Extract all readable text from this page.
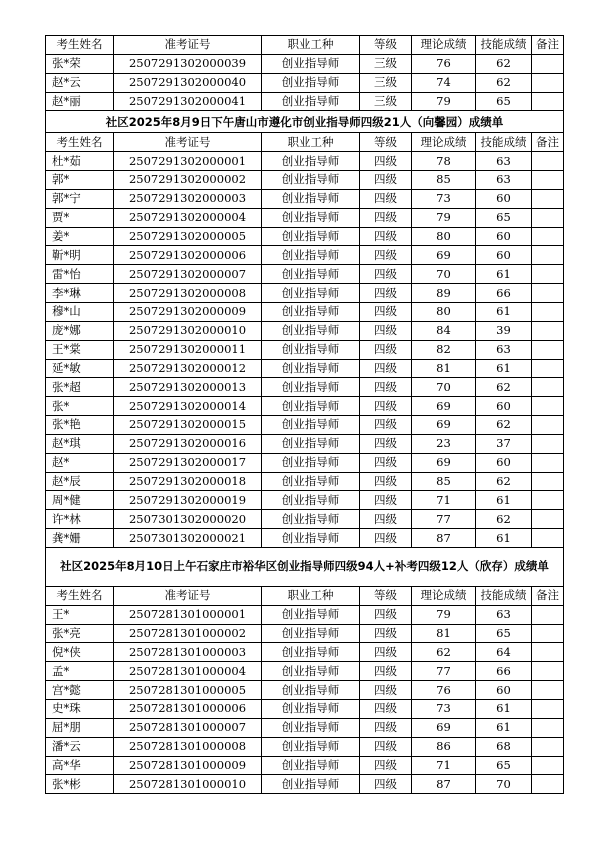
考生姓名	准考证号	职业工种	等级	理论成绩	技能成绩	备注
张*荣	2507291302000039	创业指导师	三级	76	62	
赵*云	2507291302000040	创业指导师	三级	74	62	
赵*丽	2507291302000041	创业指导师	三级	79	65	
社区2025年8月9日下午唐山市遵化市创业指导师四级21人（向馨园）成绩单						
考生姓名	准考证号	职业工种	等级	理论成绩	技能成绩	备注
杜*茹	2507291302000001	创业指导师	四级	78	63	
郭*	2507291302000002	创业指导师	四级	85	63	
郭*宁	2507291302000003	创业指导师	四级	73	60	
贾*	2507291302000004	创业指导师	四级	79	65	
姜*	2507291302000005	创业指导师	四级	80	60	
靳*明	2507291302000006	创业指导师	四级	69	60	
雷*怡	2507291302000007	创业指导师	四级	70	61	
李*琳	2507291302000008	创业指导师	四级	89	66	
穆*山	2507291302000009	创业指导师	四级	80	61	
庞*娜	2507291302000010	创业指导师	四级	84	39	
王*棠	2507291302000011	创业指导师	四级	82	63	
延*敏	2507291302000012	创业指导师	四级	81	61	
张*超	2507291302000013	创业指导师	四级	70	62	
张*	2507291302000014	创业指导师	四级	69	60	
张*艳	2507291302000015	创业指导师	四级	69	62	
赵*琪	2507291302000016	创业指导师	四级	23	37	
赵*	2507291302000017	创业指导师	四级	69	60	
赵*辰	2507291302000018	创业指导师	四级	85	62	
周*健	2507291302000019	创业指导师	四级	71	61	
许*林	2507301302000020	创业指导师	四级	77	62	
龚*姗	2507301302000021	创业指导师	四级	87	61	
社区2025年8月10日上午石家庄市裕华区创业指导师四级94人+补考四级12人（欣存）成绩单						
考生姓名	准考证号	职业工种	等级	理论成绩	技能成绩	备注
王*	2507281301000001	创业指导师	四级	79	63	
张*亮	2507281301000002	创业指导师	四级	81	65	
倪*侠	2507281301000003	创业指导师	四级	62	64	
孟*	2507281301000004	创业指导师	四级	77	66	
宫*懿	2507281301000005	创业指导师	四级	76	60	
史*珠	2507281301000006	创业指导师	四级	73	61	
屈*朋	2507281301000007	创业指导师	四级	69	61	
潘*云	2507281301000008	创业指导师	四级	86	68	
高*华	2507281301000009	创业指导师	四级	71	65	
张*彬	2507281301000010	创业指导师	四级	87	70	
